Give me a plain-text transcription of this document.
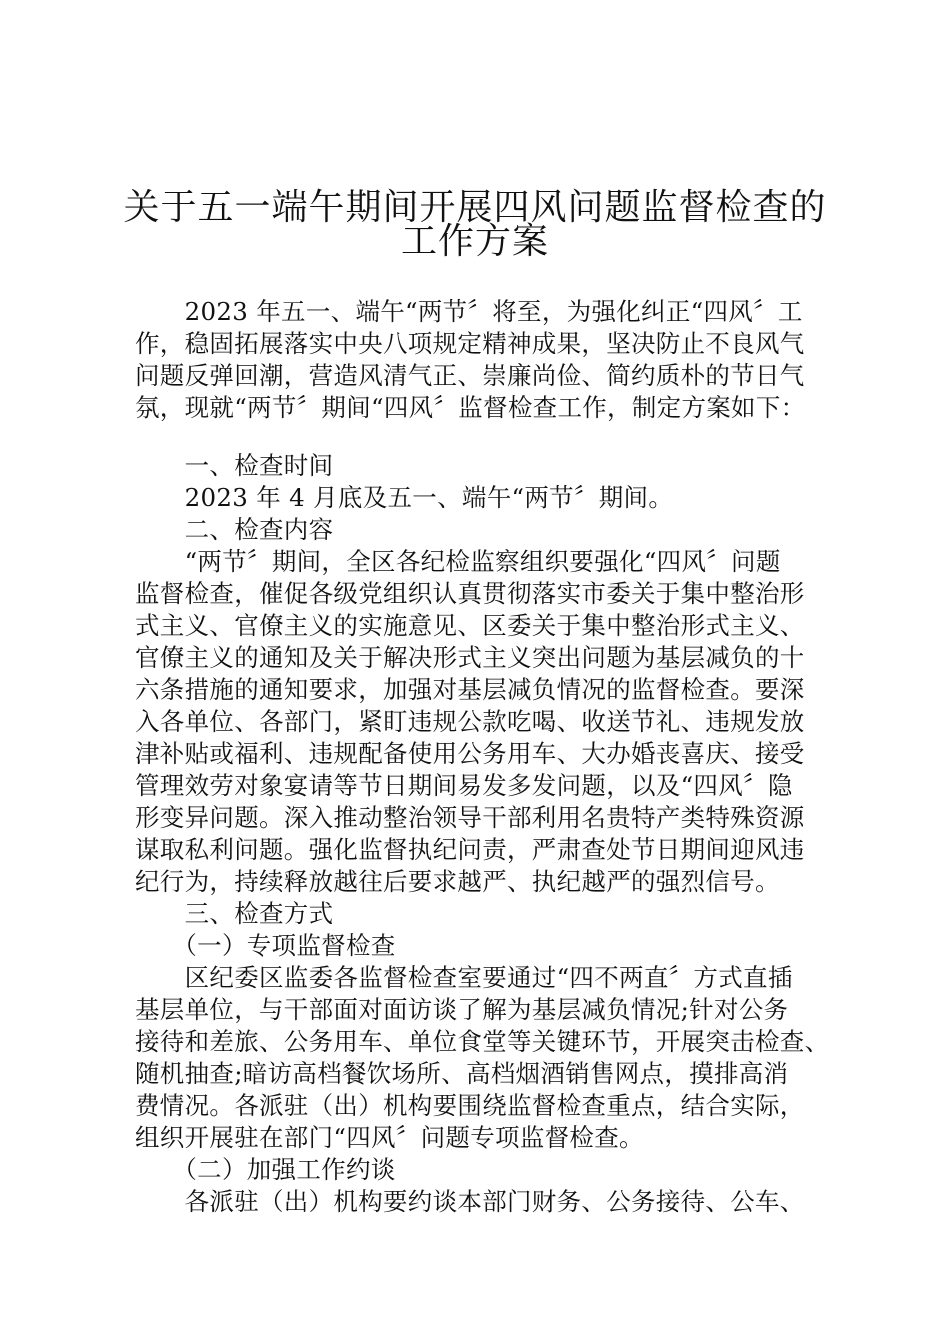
关于五一端午期间开展四风问题监督检查的
工作方案
　　2023 年五一、端午“两节〞将至，为强化纠正“四风〞工
作，稳固拓展落实中央八项规定精神成果，坚决防止不良风气
问题反弹回潮，营造风清气正、崇廉尚俭、简约质朴的节日气
氛，现就“两节〞期间“四风〞监督检查工作，制定方案如下：
　　一、检查时间
　　2023 年 4 月底及五一、端午“两节〞期间。
　　二、检查内容
　　“两节〞期间，全区各纪检监察组织要强化“四风〞问题
监督检查，催促各级党组织认真贯彻落实市委关于集中整治形
式主义、官僚主义的实施意见、区委关于集中整治形式主义、
官僚主义的通知及关于解决形式主义突出问题为基层减负的十
六条措施的通知要求，加强对基层减负情况的监督检查。要深
入各单位、各部门，紧盯违规公款吃喝、收送节礼、违规发放
津补贴或福利、违规配备使用公务用车、大办婚丧喜庆、接受
管理效劳对象宴请等节日期间易发多发问题，以及“四风〞隐
形变异问题。深入推动整治领导干部利用名贵特产类特殊资源
谋取私利问题。强化监督执纪问责，严肃查处节日期间迎风违
纪行为，持续释放越往后要求越严、执纪越严的强烈信号。
　　三、检查方式
　　（一）专项监督检查
　　区纪委区监委各监督检查室要通过“四不两直〞方式直插
基层单位，与干部面对面访谈了解为基层减负情况;针对公务
接待和差旅、公务用车、单位食堂等关键环节，开展突击检查、
随机抽查;暗访高档餐饮场所、高档烟酒销售网点，摸排高消
费情况。各派驻（出）机构要围绕监督检查重点，结合实际，
组织开展驻在部门“四风〞问题专项监督检查。
　　（二）加强工作约谈
　　各派驻（出）机构要约谈本部门财务、公务接待、公车、
